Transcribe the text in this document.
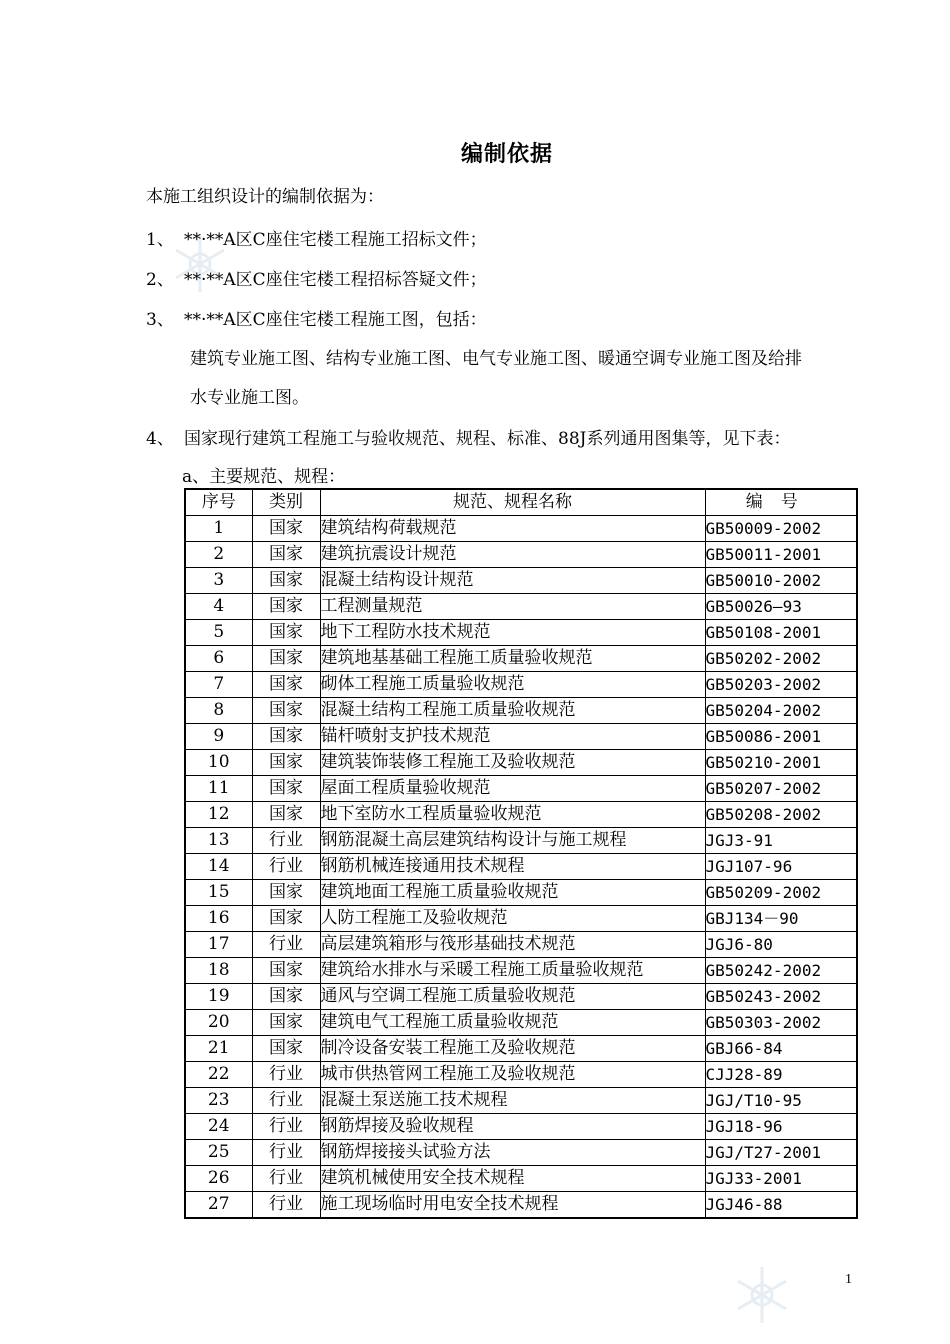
编制依据
本施工组织设计的编制依据为：
1、 **·**A区C座住宅楼工程施工招标文件；
2、 **·**A区C座住宅楼工程招标答疑文件；
3、 **·**A区C座住宅楼工程施工图，包括：
建筑专业施工图、结构专业施工图、电气专业施工图、暖通空调专业施工图及给排
水专业施工图。
4、 国家现行建筑工程施工与验收规范、规程、标准、88J系列通用图集等，见下表：
a、主要规范、规程：
序号	类别	规范、规程名称	编号
1	国家	建筑结构荷载规范	GB50009-2002
2	国家	建筑抗震设计规范	GB50011-2001
3	国家	混凝土结构设计规范	GB50010-2002
4	国家	工程测量规范	GB50026—93
5	国家	地下工程防水技术规范	GB50108-2001
6	国家	建筑地基基础工程施工质量验收规范	GB50202-2002
7	国家	砌体工程施工质量验收规范	GB50203-2002
8	国家	混凝土结构工程施工质量验收规范	GB50204-2002
9	国家	锚杆喷射支护技术规范	GB50086-2001
10	国家	建筑装饰装修工程施工及验收规范	GB50210-2001
11	国家	屋面工程质量验收规范	GB50207-2002
12	国家	地下室防水工程质量验收规范	GB50208-2002
13	行业	钢筋混凝土高层建筑结构设计与施工规程	JGJ3-91
14	行业	钢筋机械连接通用技术规程	JGJ107-96
15	国家	建筑地面工程施工质量验收规范	GB50209-2002
16	国家	人防工程施工及验收规范	GBJ134－90
17	行业	高层建筑箱形与筏形基础技术规范	JGJ6-80
18	国家	建筑给水排水与采暖工程施工质量验收规范	GB50242-2002
19	国家	通风与空调工程施工质量验收规范	GB50243-2002
20	国家	建筑电气工程施工质量验收规范	GB50303-2002
21	国家	制冷设备安装工程施工及验收规范	GBJ66-84
22	行业	城市供热管网工程施工及验收规范	CJJ28-89
23	行业	混凝土泵送施工技术规程	JGJ/T10-95
24	行业	钢筋焊接及验收规程	JGJ18-96
25	行业	钢筋焊接接头试验方法	JGJ/T27-2001
26	行业	建筑机械使用安全技术规程	JGJ33-2001
27	行业	施工现场临时用电安全技术规程	JGJ46-88
1
